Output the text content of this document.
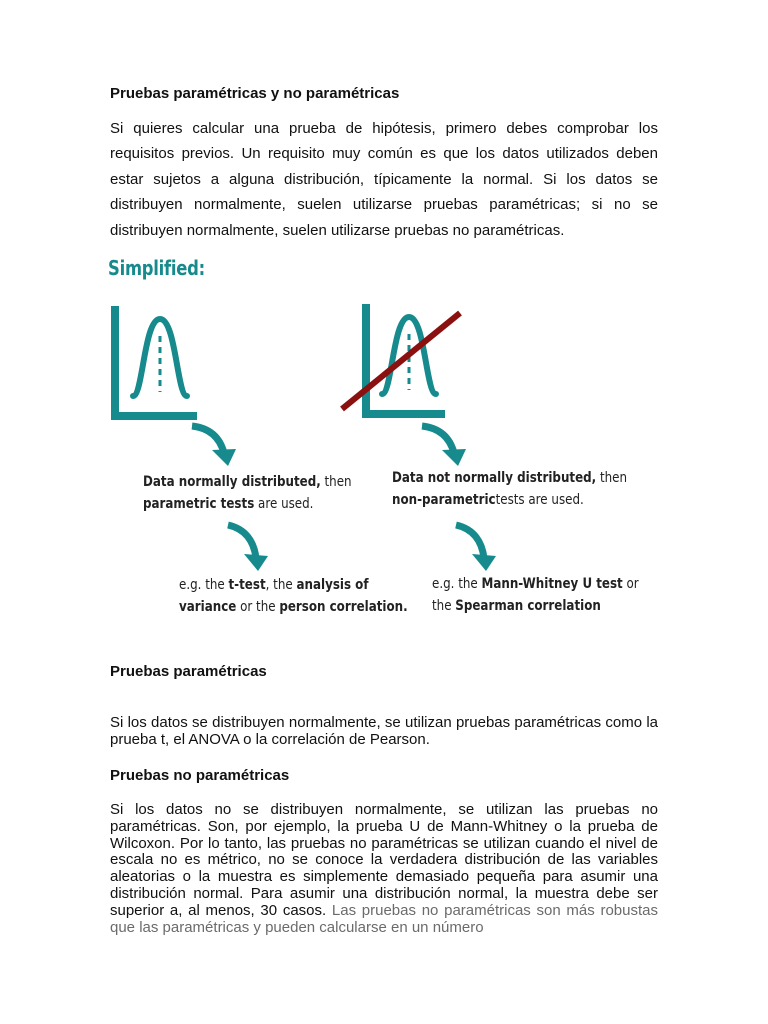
Pruebas paramétricas y no paramétricas

Si quieres calcular una prueba de hipótesis, primero debes comprobar los requisitos previos. Un requisito muy común es que los datos utilizados deben estar sujetos a alguna distribución, típicamente la normal. Si los datos se distribuyen normalmente, suelen utilizarse pruebas paramétricas; si no se distribuyen normalmente, suelen utilizarse pruebas no paramétricas.

Simplified:

Data normally distributed, then
parametric tests are used.

Data not normally distributed, then
non-parametrictests are used.

e.g. the t-test, the analysis of
variance or the person correlation.

e.g. the Mann-Whitney U test or
the Spearman correlation

Pruebas paramétricas

Si los datos se distribuyen normalmente, se utilizan pruebas paramétricas como la prueba t, el ANOVA o la correlación de Pearson.

Pruebas no paramétricas

Si los datos no se distribuyen normalmente, se utilizan las pruebas no paramétricas. Son, por ejemplo, la prueba U de Mann-Whitney o la prueba de Wilcoxon. Por lo tanto, las pruebas no paramétricas se utilizan cuando el nivel de escala no es métrico, no se conoce la verdadera distribución de las variables aleatorias o la muestra es simplemente demasiado pequeña para asumir una distribución normal. Para asumir una distribución normal, la muestra debe ser superior a, al menos, 30 casos. Las pruebas no paramétricas son más robustas que las paramétricas y pueden calcularse en un número
